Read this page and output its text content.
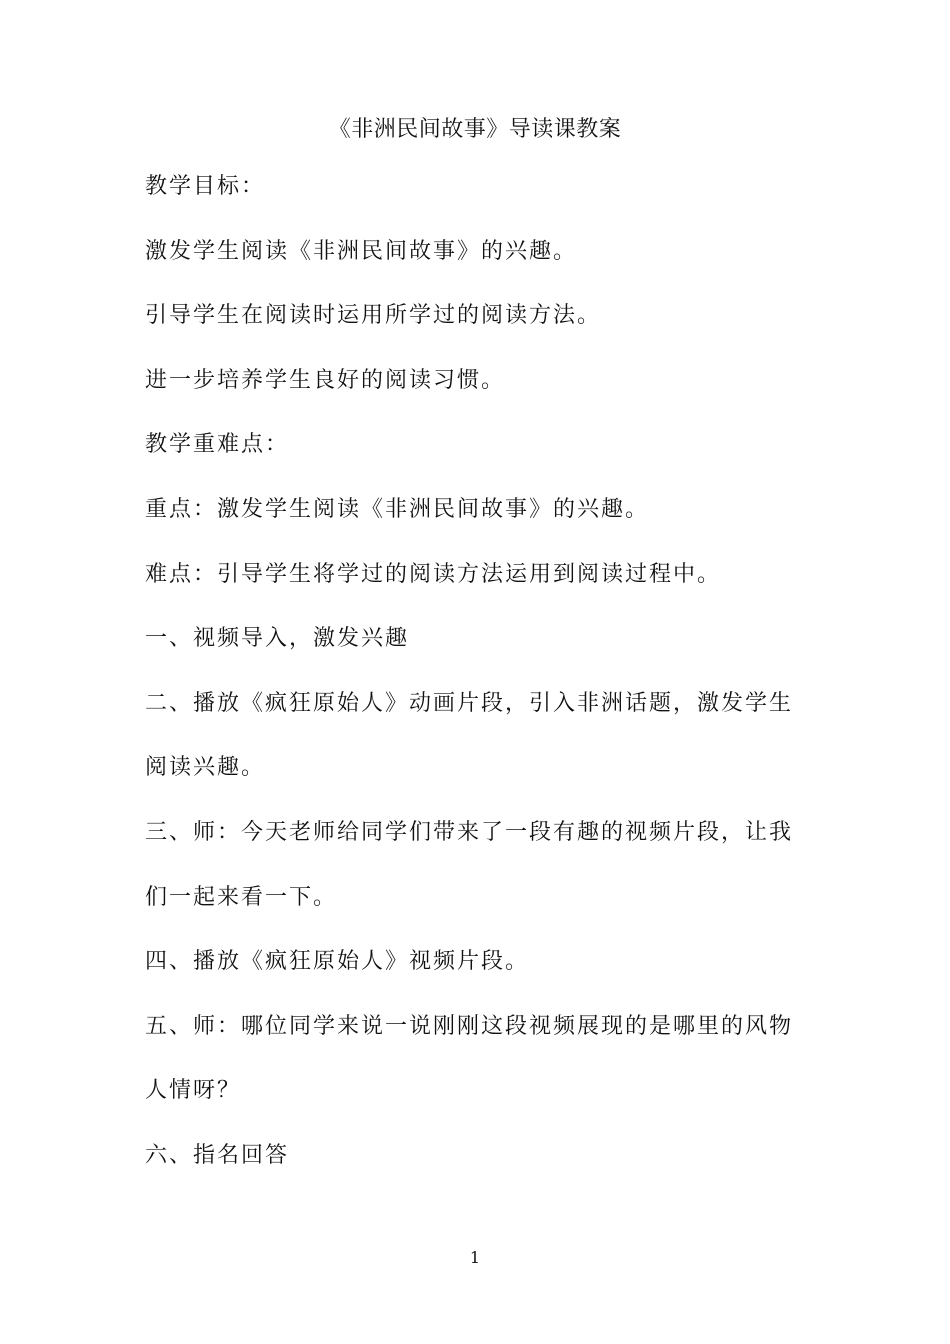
《非洲民间故事》导读课教案
教学目标：
激发学生阅读《非洲民间故事》的兴趣。
引导学生在阅读时运用所学过的阅读方法。
进一步培养学生良好的阅读习惯。
教学重难点：
重点：激发学生阅读《非洲民间故事》的兴趣。
难点：引导学生将学过的阅读方法运用到阅读过程中。
一、视频导入，激发兴趣
二、播放《疯狂原始人》动画片段，引入非洲话题，激发学生
阅读兴趣。
三、师：今天老师给同学们带来了一段有趣的视频片段，让我
们一起来看一下。
四、播放《疯狂原始人》视频片段。
五、师：哪位同学来说一说刚刚这段视频展现的是哪里的风物
人情呀？
六、指名回答
1
